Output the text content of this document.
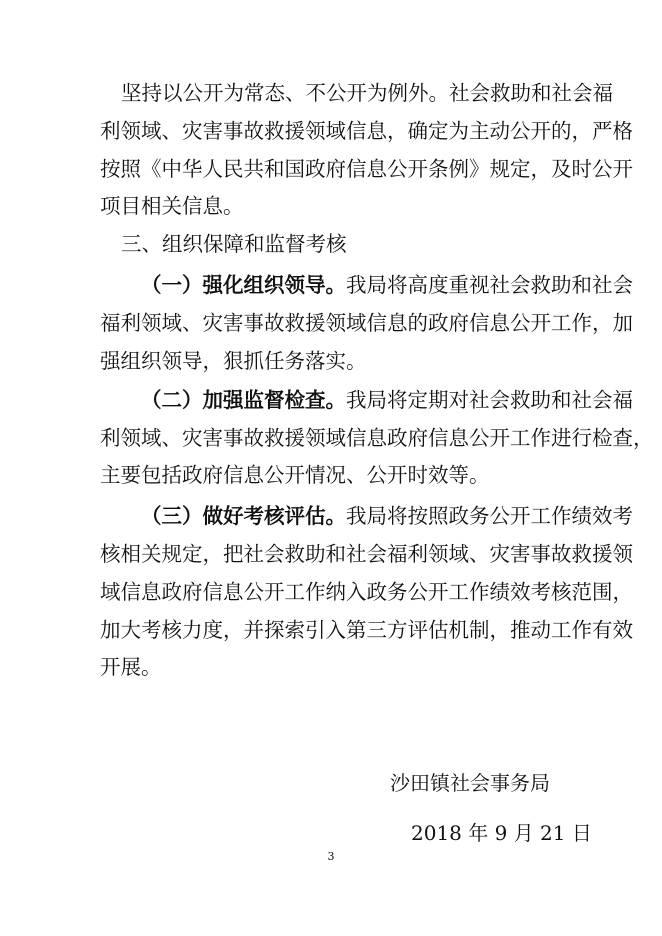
坚持以公开为常态、不公开为例外。社会救助和社会福
利领域、灾害事故救援领域信息，确定为主动公开的，严格
按照《中华人民共和国政府信息公开条例》规定，及时公开
项目相关信息。
三、组织保障和监督考核
（一）强化组织领导。我局将高度重视社会救助和社会
福利领域、灾害事故救援领域信息的政府信息公开工作，加
强组织领导，狠抓任务落实。
（二）加强监督检查。我局将定期对社会救助和社会福
利领域、灾害事故救援领域信息政府信息公开工作进行检查，
主要包括政府信息公开情况、公开时效等。
（三）做好考核评估。我局将按照政务公开工作绩效考
核相关规定，把社会救助和社会福利领域、灾害事故救援领
域信息政府信息公开工作纳入政务公开工作绩效考核范围，
加大考核力度，并探索引入第三方评估机制，推动工作有效
开展。
沙田镇社会事务局
2018 年 9 月 21 日
3
